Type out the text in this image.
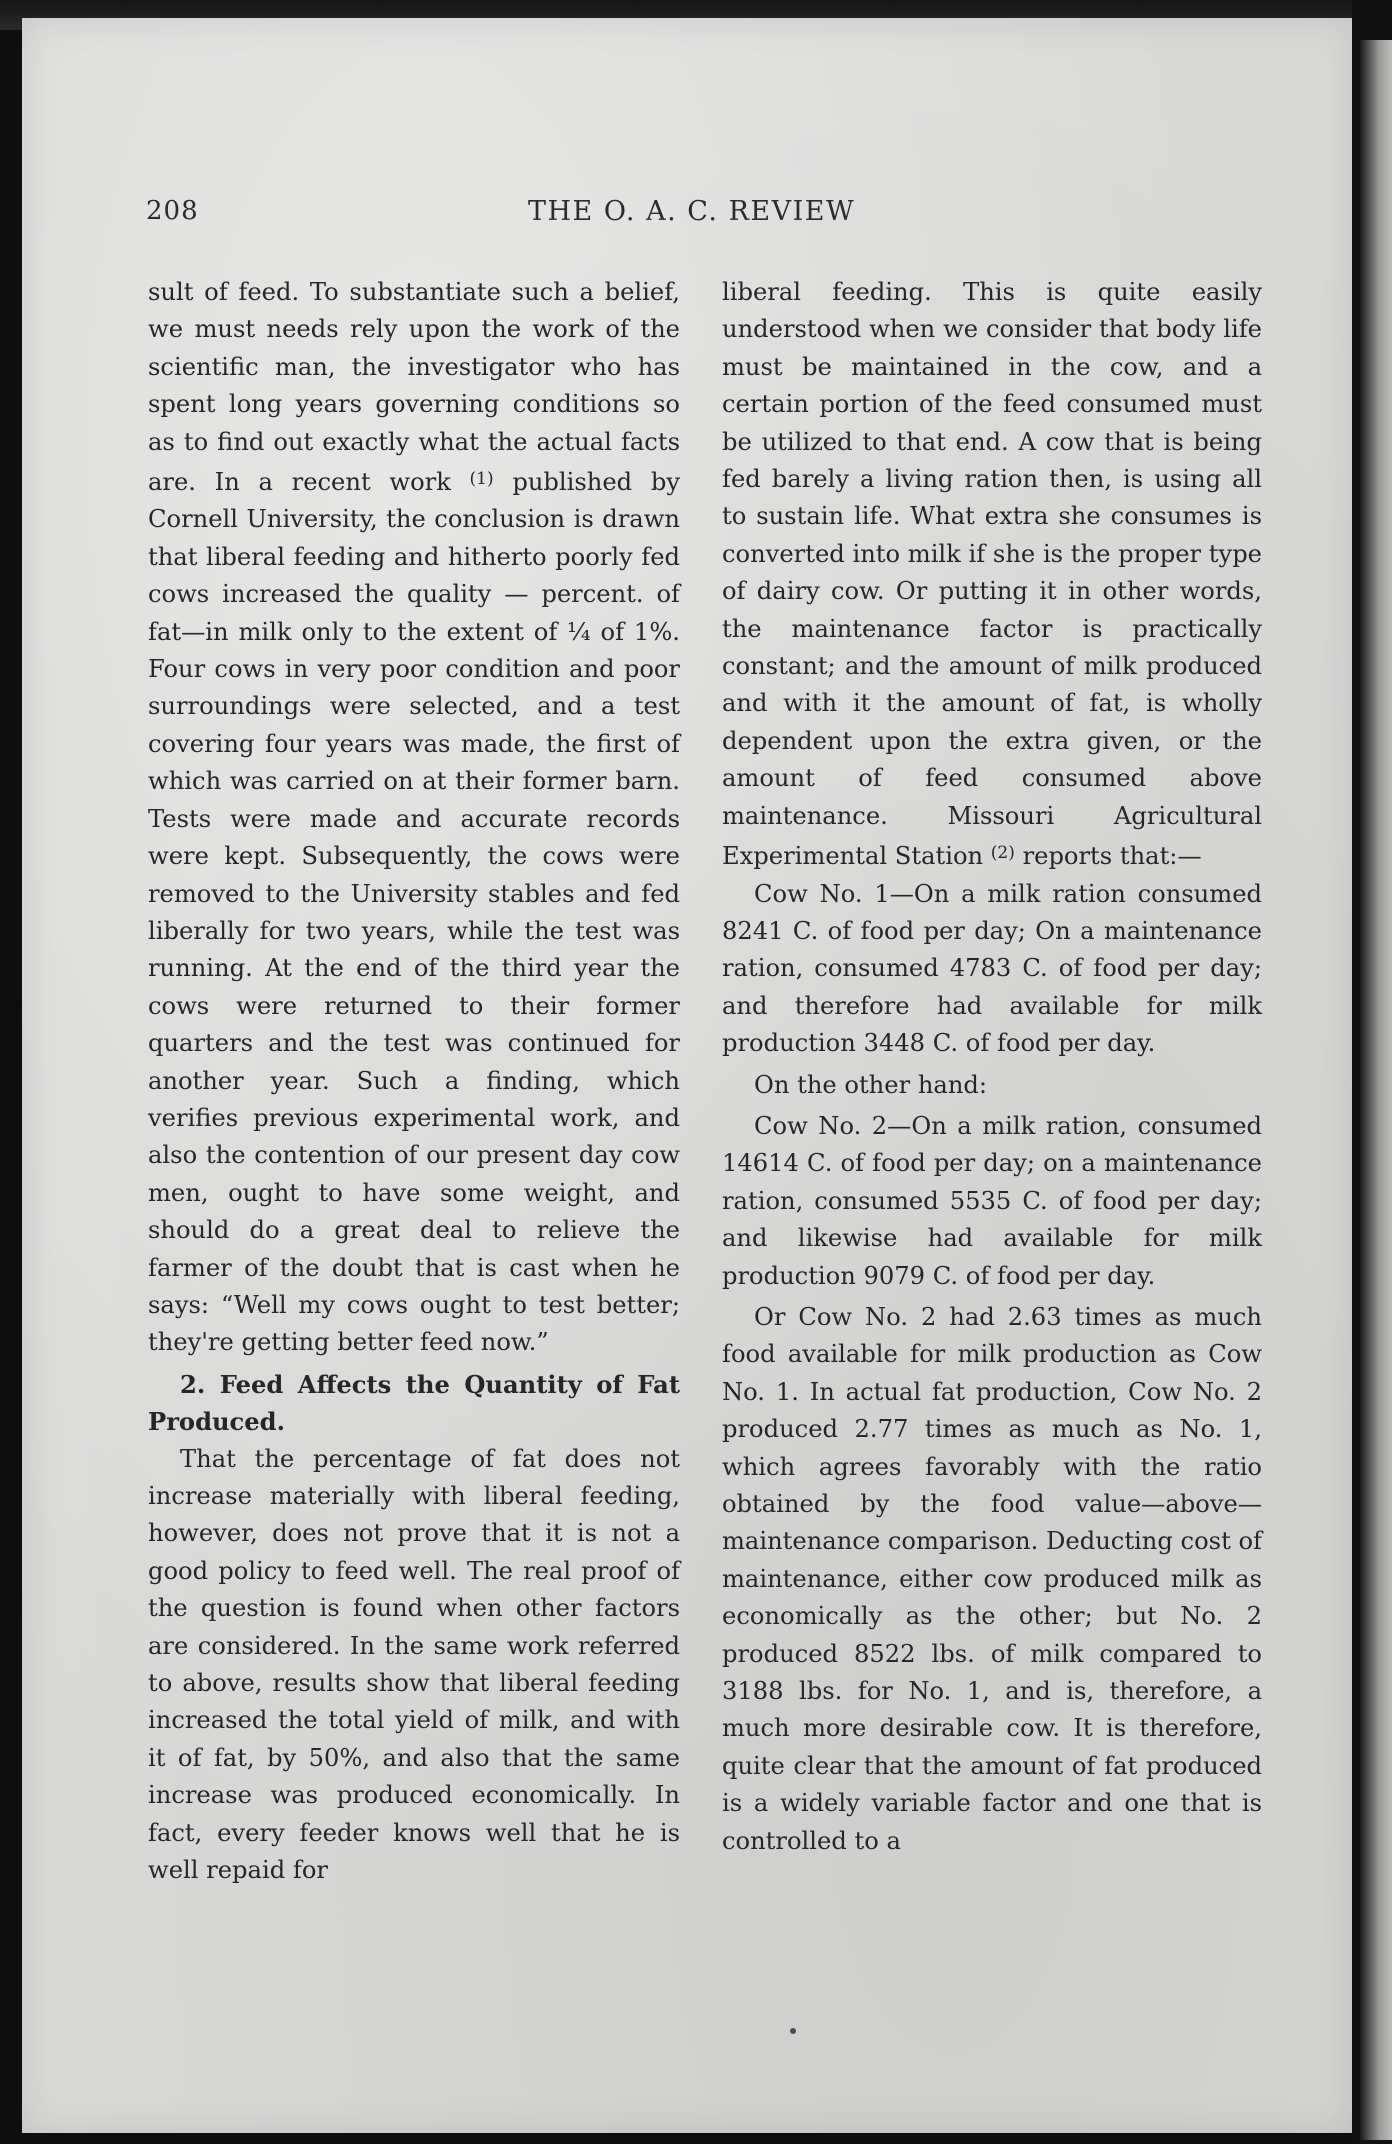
208	THE O. A. C. REVIEW

sult of feed. To substantiate such a belief, we must needs rely upon the work of the scientific man, the investigator who has spent long years governing conditions so as to find out exactly what the actual facts are. In a recent work $^{(1)}$ published by Cornell University, the conclusion is drawn that liberal feeding and hitherto poorly fed cows increased the quality — percent. of fat—in milk only to the extent of ¼ of 1%. Four cows in very poor condition and poor surroundings were selected, and a test covering four years was made, the first of which was carried on at their former barn. Tests were made and accurate records were kept. Subsequently, the cows were removed to the University stables and fed liberally for two years, while the test was running. At the end of the third year the cows were returned to their former quarters and the test was continued for another year. Such a finding, which verifies previous experimental work, and also the contention of our present day cow men, ought to have some weight, and should do a great deal to relieve the farmer of the doubt that is cast when he says: “Well my cows ought to test better; they're getting better feed now.”

2. Feed Affects the Quantity of Fat Produced.

That the percentage of fat does not increase materially with liberal feeding, however, does not prove that it is not a good policy to feed well. The real proof of the question is found when other factors are considered. In the same work referred to above, results show that liberal feeding increased the total yield of milk, and with it of fat, by 50%, and also that the same increase was produced economically. In fact, every feeder knows well that he is well repaid for

liberal feeding. This is quite easily understood when we consider that body life must be maintained in the cow, and a certain portion of the feed consumed must be utilized to that end. A cow that is being fed barely a living ration then, is using all to sustain life. What extra she consumes is converted into milk if she is the proper type of dairy cow. Or putting it in other words, the maintenance factor is practically constant; and the amount of milk produced and with it the amount of fat, is wholly dependent upon the extra given, or the amount of feed consumed above maintenance. Missouri Agricultural Experimental Station $^{(2)}$ reports that:—

Cow No. 1—On a milk ration consumed 8241 C. of food per day; On a maintenance ration, consumed 4783 C. of food per day; and therefore had available for milk production 3448 C. of food per day.

On the other hand:

Cow No. 2—On a milk ration, consumed 14614 C. of food per day; on a maintenance ration, consumed 5535 C. of food per day; and likewise had available for milk production 9079 C. of food per day.

Or Cow No. 2 had 2.63 times as much food available for milk production as Cow No. 1. In actual fat production, Cow No. 2 produced 2.77 times as much as No. 1, which agrees favorably with the ratio obtained by the food value—above—maintenance comparison. Deducting cost of maintenance, either cow produced milk as economically as the other; but No. 2 produced 8522 lbs. of milk compared to 3188 lbs. for No. 1, and is, therefore, a much more desirable cow. It is therefore, quite clear that the amount of fat produced is a widely variable factor and one that is controlled to a
